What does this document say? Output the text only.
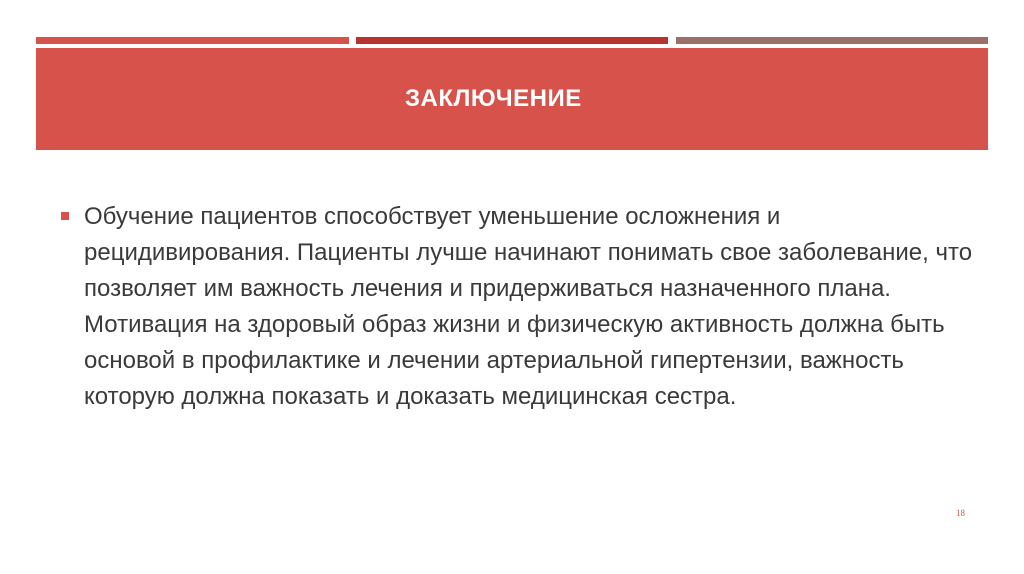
ЗАКЛЮЧЕНИЕ
Обучение пациентов способствует уменьшение осложнения и рецидивирования. Пациенты лучше начинают понимать свое заболевание, что позволяет им важность лечения и придерживаться назначенного плана. Мотивация на здоровый образ жизни и физическую активность должна быть основой в профилактике и лечении артериальной гипертензии, важность которую должна показать и доказать медицинская сестра.
18
